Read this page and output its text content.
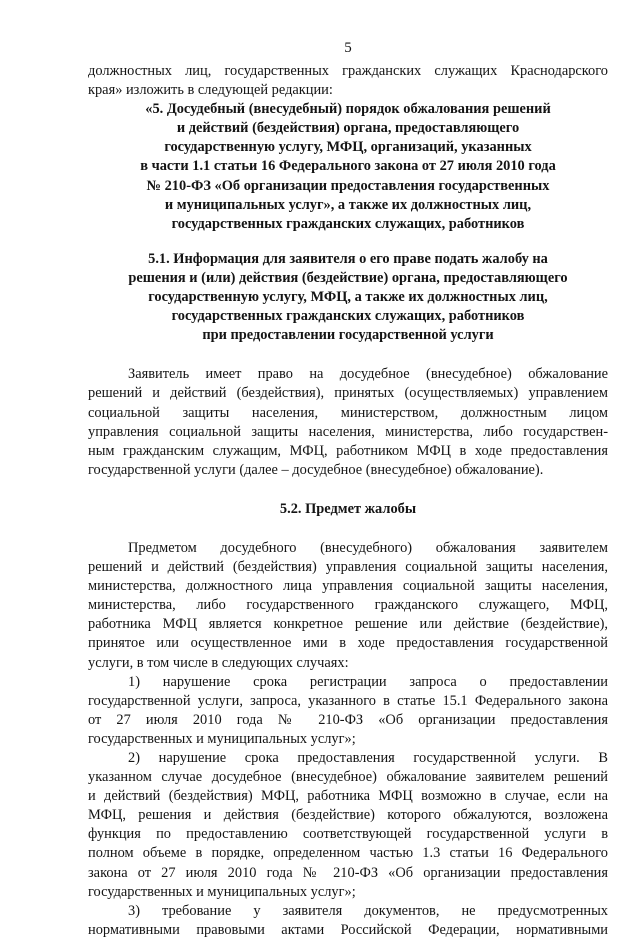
5

должностных лиц, государственных гражданских служащих Краснодарского

края» изложить в следующей редакции:

«5. Досудебный (внесудебный) порядок обжалования решений
и действий (бездействия) органа, предоставляющего
государственную услугу, МФЦ, организаций, указанных
в части 1.1 статьи 16 Федерального закона от 27 июля 2010 года
№ 210-ФЗ «Об организации предоставления государственных
и муниципальных услуг», а также их должностных лиц,
государственных гражданских служащих, работников
5.1. Информация для заявителя о его праве подать жалобу на
решения и (или) действия (бездействие) органа, предоставляющего
государственную услугу, МФЦ, а также их должностных лиц,
государственных гражданских служащих, работников
при предоставлении государственной услуги

Заявитель имеет право на досудебное (внесудебное) обжалование

решений и действий (бездействия), принятых (осуществляемых) управлением

социальной защиты населения, министерством, должностным лицом

управления социальной защиты населения, министерства, либо государствен-

ным гражданским служащим, МФЦ, работником МФЦ в ходе предоставления

государственной услуги (далее – досудебное (внесудебное) обжалование).

5.2. Предмет жалобы

Предметом досудебного (внесудебного) обжалования заявителем

решений и действий (бездействия) управления социальной защиты населения,

министерства, должностного лица управления социальной защиты населения,

министерства, либо государственного гражданского служащего, МФЦ,

работника МФЦ является конкретное решение или действие (бездействие),

принятое или осуществленное ими в ходе предоставления государственной

услуги, в том числе в следующих случаях:

1) нарушение срока регистрации запроса о предоставлении

государственной услуги, запроса, указанного в статье 15.1 Федерального закона

от 27 июля 2010 года № 210-ФЗ «Об организации предоставления

государственных и муниципальных услуг»;

2) нарушение срока предоставления государственной услуги. В

указанном случае досудебное (внесудебное) обжалование заявителем решений

и действий (бездействия) МФЦ, работника МФЦ возможно в случае, если на

МФЦ, решения и действия (бездействие) которого обжалуются, возложена

функция по предоставлению соответствующей государственной услуги в

полном объеме в порядке, определенном частью 1.3 статьи 16 Федерального

закона от 27 июля 2010 года № 210-ФЗ «Об организации предоставления

государственных и муниципальных услуг»;

3) требование у заявителя документов, не предусмотренных

нормативными правовыми актами Российской Федерации, нормативными
